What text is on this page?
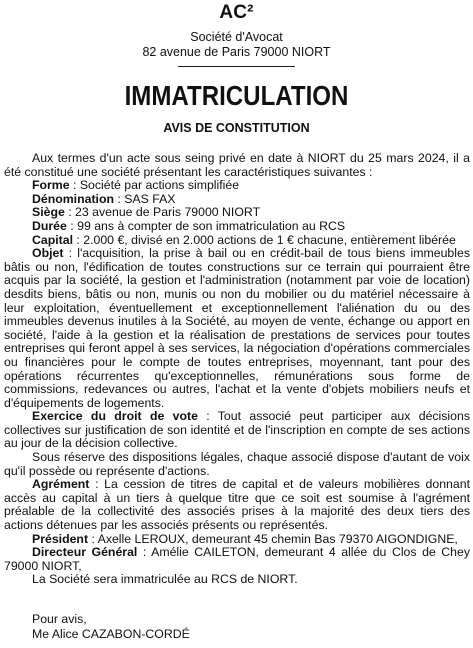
AC²
Société d'Avocat
82 avenue de Paris 79000 NIORT
IMMATRICULATION
AVIS DE CONSTITUTION

Aux termes d'un acte sous seing privé en date à NIORT du 25 mars 2024, il a été constitué une société présentant les caractéristiques suivantes :

Forme : Société par actions simplifiée

Dénomination : SAS FAX

Siège : 23 avenue de Paris 79000 NIORT

Durée : 99 ans à compter de son immatriculation au RCS

Capital : 2.000 €, divisé en 2.000 actions de 1 € chacune, entièrement libérée

Objet : l'acquisition, la prise à bail ou en crédit-bail de tous biens immeubles bâtis ou non, l'édification de toutes constructions sur ce terrain qui pourraient être acquis par la société, la gestion et l'administration (notamment par voie de location) desdits biens, bâtis ou non, munis ou non du mobilier ou du matériel nécessaire à leur exploitation, éventuellement et exceptionnellement l'aliénation du ou des immeubles devenus inutiles à la Société, au moyen de vente, échange ou apport en société, l'aide à la gestion et la réalisation de prestations de services pour toutes entreprises qui feront appel à ses services, la négociation d'opérations commerciales ou financières pour le compte de toutes entreprises, moyennant, tant pour des opérations récurrentes qu'exceptionnelles, rémunérations sous forme de commissions, redevances ou autres, l'achat et la vente d'objets mobiliers neufs et d'équipements de logements.

Exercice du droit de vote : Tout associé peut participer aux décisions collectives sur justification de son identité et de l'inscription en compte de ses actions au jour de la décision collective.

Sous réserve des dispositions légales, chaque associé dispose d'autant de voix qu'il possède ou représente d'actions.

Agrément : La cession de titres de capital et de valeurs mobilières donnant accès au capital à un tiers à quelque titre que ce soit est soumise à l'agrément préalable de la collectivité des associés prises à la majorité des deux tiers des actions détenues par les associés présents ou représentés.

Président : Axelle LEROUX, demeurant 45 chemin Bas 79370 AIGONDIGNE,

Directeur Général : Amélie CAILETON, demeurant 4 allée du Clos de Chey 79000 NIORT,

La Société sera immatriculée au RCS de NIORT.

Pour avis,
Me Alice CAZABON-CORDÉ
